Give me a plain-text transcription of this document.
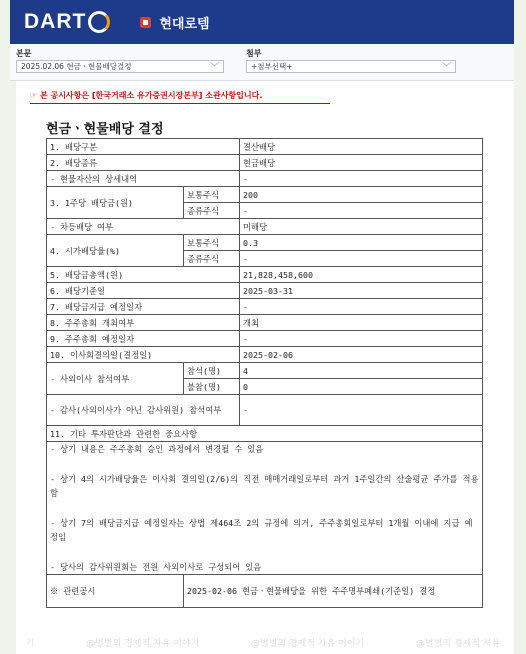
DART	현대로템
본문
2025.02.06 현금ㆍ현물배당결정	﹀
첨부
+첨부선택+	﹀
☞ 본 공시사항은 [한국거래소 유가증권시장본부] 소관사항입니다.
현금ㆍ현물배당 결정
1. 배당구분		결산배당
2. 배당종류		현금배당
- 현물자산의 상세내역		-
3. 1주당 배당금(원)	보통주식	200
	종류주식	-
- 차등배당 여부		미해당
4. 시가배당율(%)	보통주식	0.3
	종류주식	-
5. 배당금총액(원)		21,828,458,600
6. 배당기준일		2025-03-31
7. 배당금지급 예정일자		-
8. 주주총회 개최여부		개최
9. 주주총회 예정일자		-
10. 이사회결의일(결정일)		2025-02-06
- 사외이사 참석여부	참석(명)	4
	불참(명)	0
- 감사(사외이사가 아닌 감사위원) 참석여부		-
11. 기타 투자판단과 관련한 중요사항		

- 상기 내용은 주주총회 승인 과정에서 변경될 수 있음
- 상기 4의 시가배당율은 이사회 결의일(2/6)의 직전 매매거래일로부터 과거 1주일간의 산술평균 주가를 적용함
- 상기 7의 배당금지급 예정일자는 상법 제464조 2의 규정에 의거, 주주총회일로부터 1개월 이내에 지급 예정임
- 당사의 감사위원회는 전원 사외이사로 구성되어 있음		

※ 관련공시	2025-02-06 현금ㆍ현물배당을 위한 주주명부폐쇄(기준일) 결정	
기	@별별의 경제적 자유 이야기	@별별의 경제적 자유 이야기	@별별의 경제적 자유
